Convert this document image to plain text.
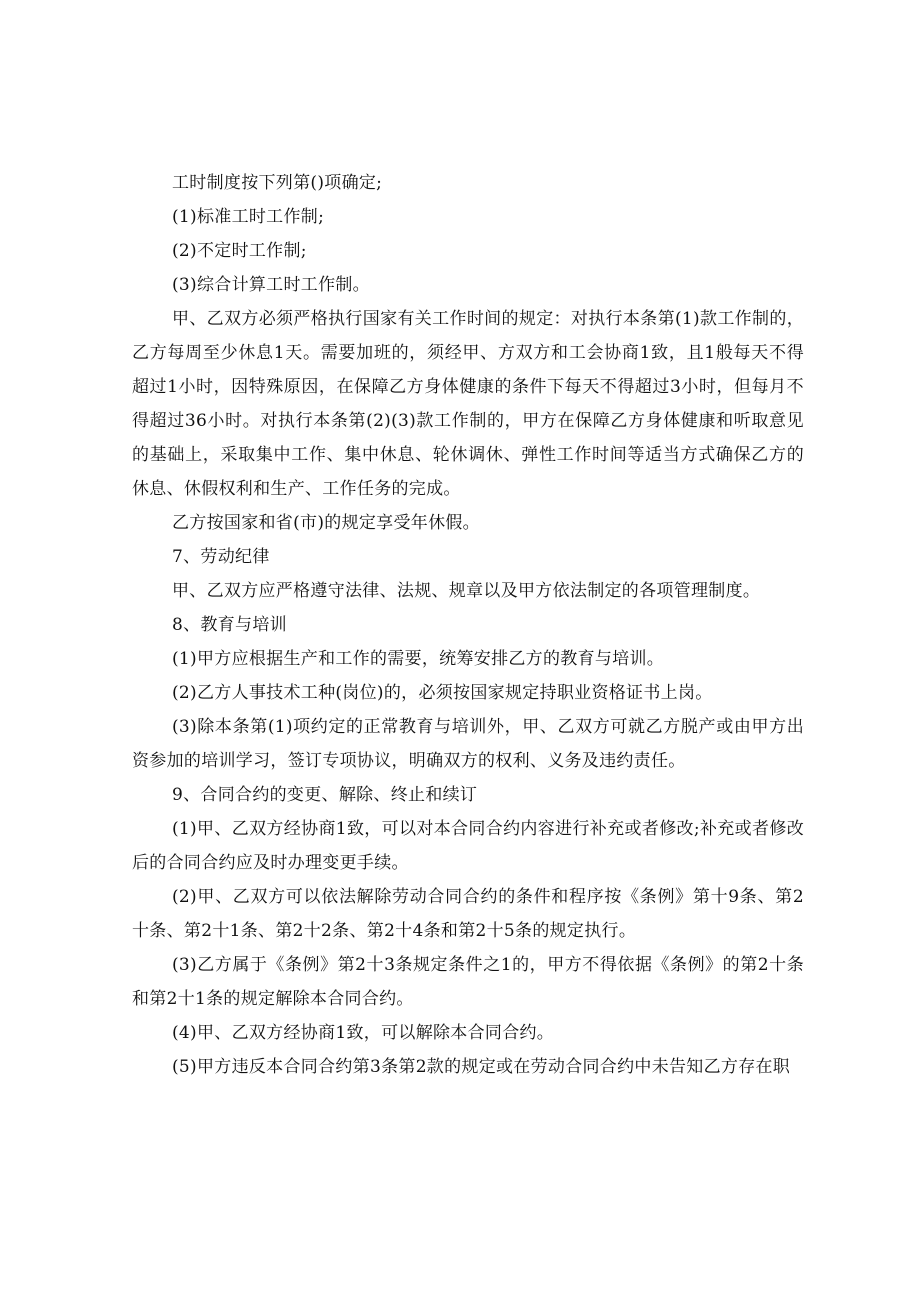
工时制度按下列第()项确定;

(1)标准工时工作制;

(2)不定时工作制;

(3)综合计算工时工作制。

甲、乙双方必须严格执行国家有关工作时间的规定：对执行本条第(1)款工作制的，乙方每周至少休息1天。需要加班的，须经甲、方双方和工会协商1致，且1般每天不得超过1小时，因特殊原因，在保障乙方身体健康的条件下每天不得超过3小时，但每月不得超过36小时。对执行本条第(2)(3)款工作制的，甲方在保障乙方身体健康和听取意见的基础上，采取集中工作、集中休息、轮休调休、弹性工作时间等适当方式确保乙方的休息、休假权利和生产、工作任务的完成。

乙方按国家和省(市)的规定享受年休假。

7、劳动纪律

甲、乙双方应严格遵守法律、法规、规章以及甲方依法制定的各项管理制度。

8、教育与培训

(1)甲方应根据生产和工作的需要，统筹安排乙方的教育与培训。

(2)乙方人事技术工种(岗位)的，必须按国家规定持职业资格证书上岗。

(3)除本条第(1)项约定的正常教育与培训外，甲、乙双方可就乙方脱产或由甲方出资参加的培训学习，签订专项协议，明确双方的权利、义务及违约责任。

9、合同合约的变更、解除、终止和续订

(1)甲、乙双方经协商1致，可以对本合同合约内容进行补充或者修改;补充或者修改后的合同合约应及时办理变更手续。

(2)甲、乙双方可以依法解除劳动合同合约的条件和程序按《条例》第十9条、第2十条、第2十1条、第2十2条、第2十4条和第2十5条的规定执行。

(3)乙方属于《条例》第2十3条规定条件之1的，甲方不得依据《条例》的第2十条和第2十1条的规定解除本合同合约。

(4)甲、乙双方经协商1致，可以解除本合同合约。

(5)甲方违反本合同合约第3条第2款的规定或在劳动合同合约中未告知乙方存在职
